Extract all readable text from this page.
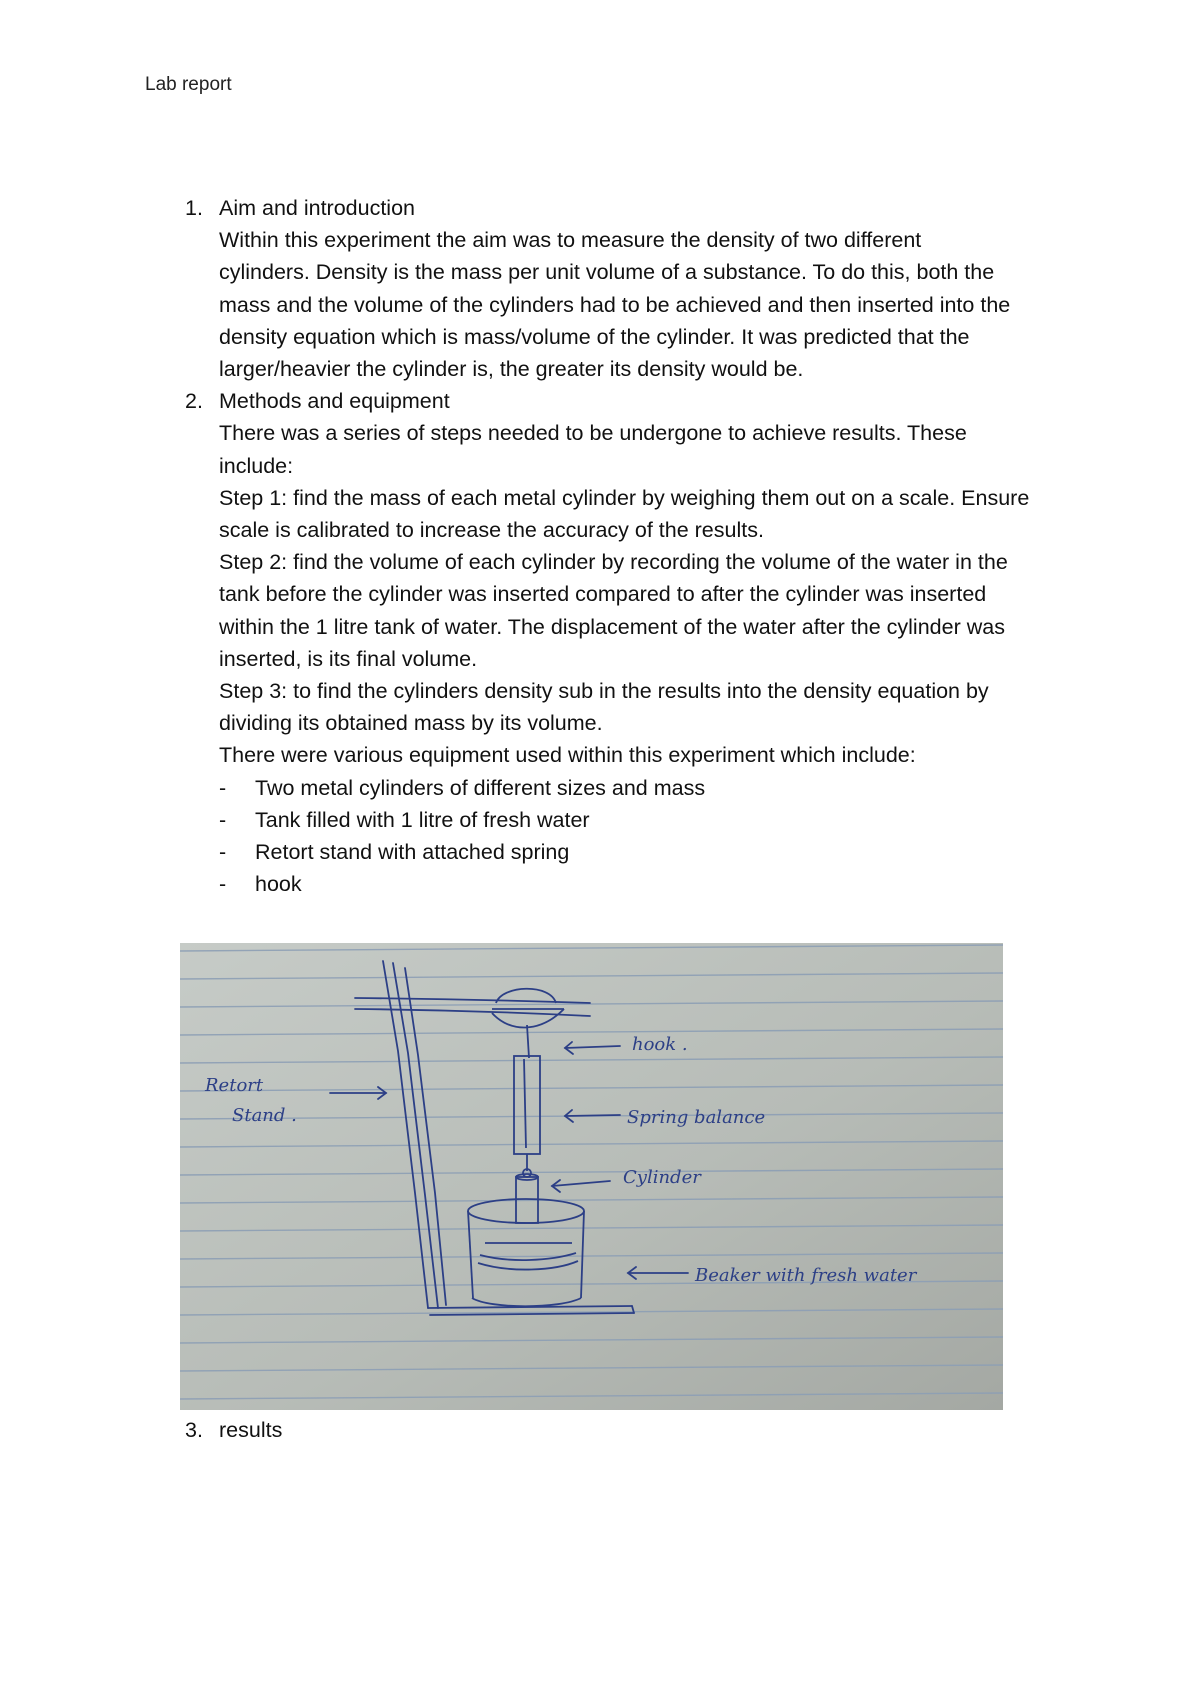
Lab report
1. Aim and introduction
Within this experiment the aim was to measure the density of two different
cylinders. Density is the mass per unit volume of a substance. To do this, both the
mass and the volume of the cylinders had to be achieved and then inserted into the
density equation which is mass/volume of the cylinder. It was predicted that the
larger/heavier the cylinder is, the greater its density would be.
2. Methods and equipment
There was a series of steps needed to be undergone to achieve results. These
include:
Step 1: find the mass of each metal cylinder by weighing them out on a scale. Ensure
scale is calibrated to increase the accuracy of the results.
Step 2: find the volume of each cylinder by recording the volume of the water in the
tank before the cylinder was inserted compared to after the cylinder was inserted
within the 1 litre tank of water. The displacement of the water after the cylinder was
inserted, is its final volume.
Step 3: to find the cylinders density sub in the results into the density equation by
dividing its obtained mass by its volume.
There were various equipment used within this experiment which include:
- Two metal cylinders of different sizes and mass
- Tank filled with 1 litre of fresh water
- Retort stand with attached spring
- hook
Retort
Stand .
hook .
Spring balance
Cylinder
Beaker with fresh water
3. results
